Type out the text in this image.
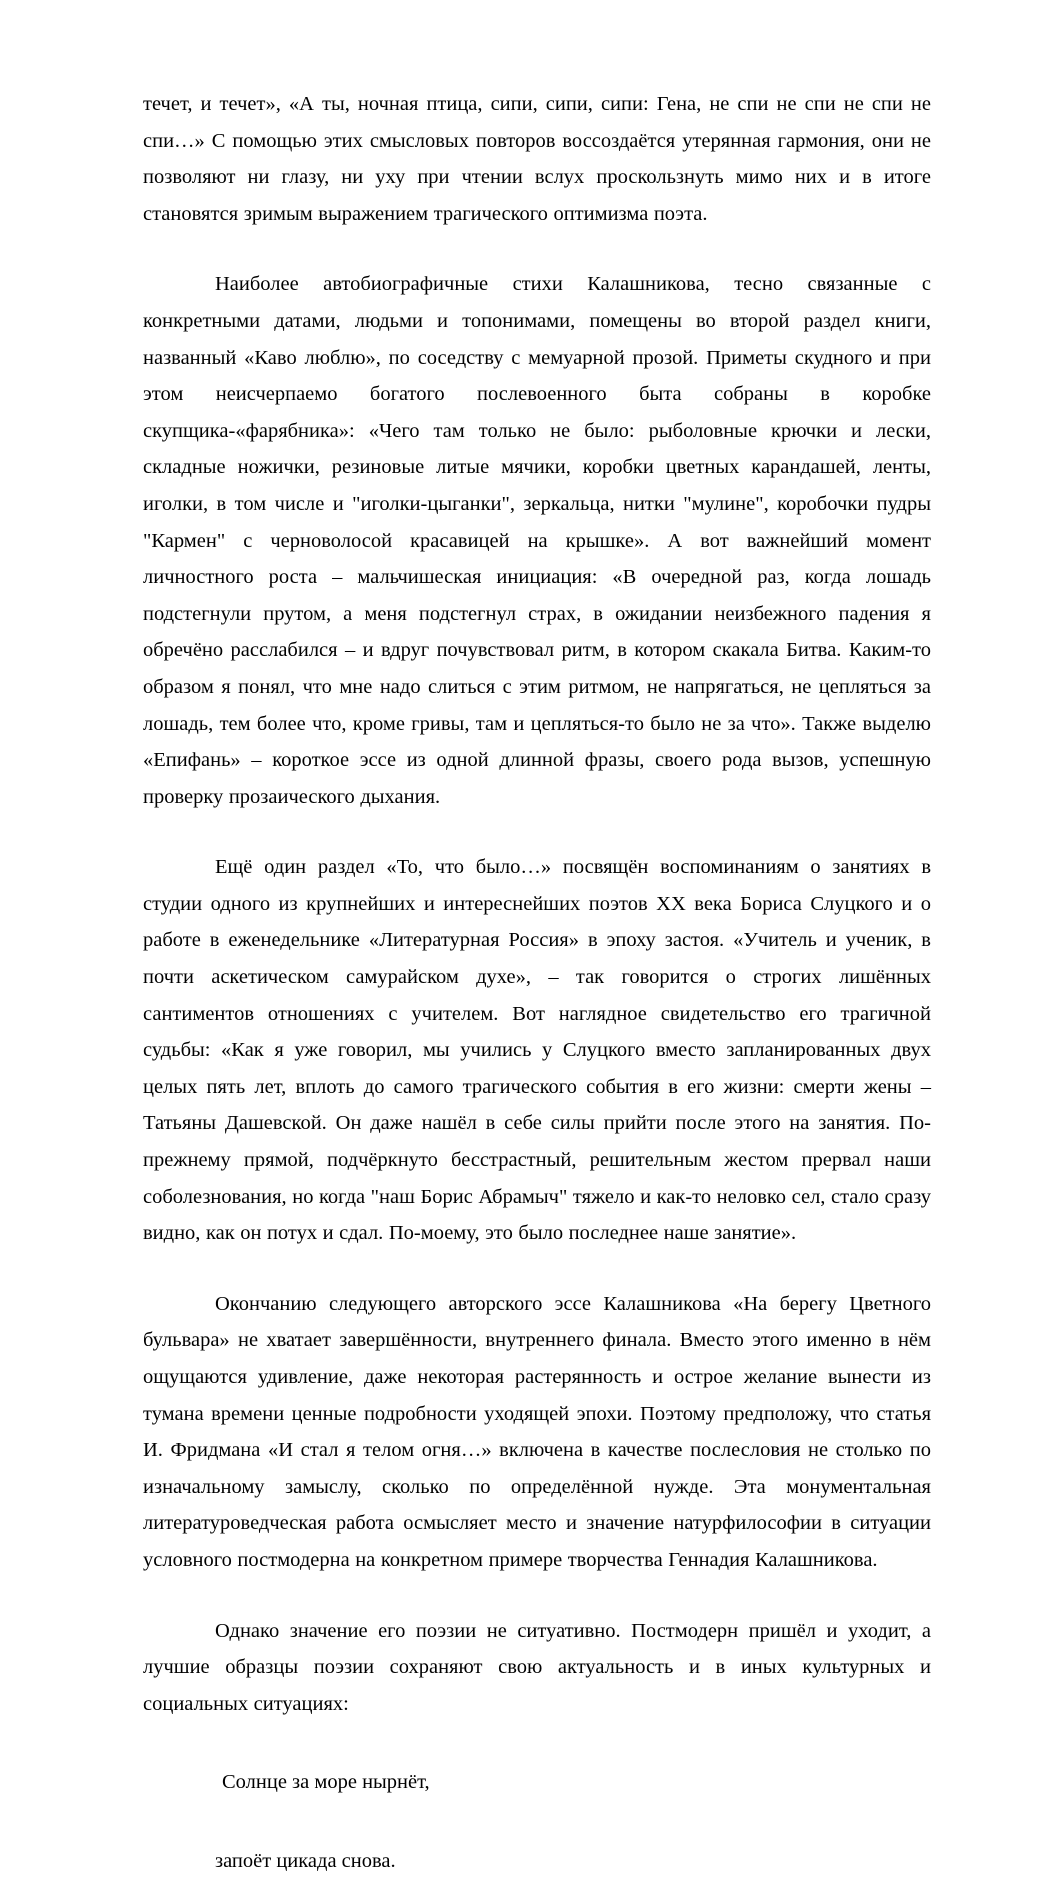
течет, и течет», «А ты, ночная птица, сипи, сипи, сипи: Гена, не спи не спи не спи не спи…» С помощью этих смысловых повторов воссоздаётся утерянная гармония, они не позволяют ни глазу, ни уху при чтении вслух проскользнуть мимо них и в итоге становятся зримым выражением трагического оптимизма поэта.

Наиболее автобиографичные стихи Калашникова, тесно связанные с конкретными датами, людьми и топонимами, помещены во второй раздел книги, названный «Каво люблю», по соседству с мемуарной прозой. Приметы скудного и при этом неисчерпаемо богатого послевоенного быта собраны в коробке скупщика-«фарябника»: «Чего там только не было: рыболовные крючки и лески, складные ножички, резиновые литые мячики, коробки цветных карандашей, ленты, иголки, в том числе и "иголки-цыганки", зеркальца, нитки "мулине", коробочки пудры "Кармен" с черноволосой красавицей на крышке». А вот важнейший момент личностного роста – мальчишеская инициация: «В очередной раз, когда лошадь подстегнули прутом, а меня подстегнул страх, в ожидании неизбежного падения я обречёно расслабился – и вдруг почувствовал ритм, в котором скакала Битва. Каким-то образом я понял, что мне надо слиться с этим ритмом, не напрягаться, не цепляться за лошадь, тем более что, кроме гривы, там и цепляться-то было не за что». Также выделю «Епифань» – короткое эссе из одной длинной фразы, своего рода вызов, успешную проверку прозаического дыхания.

Ещё один раздел «То, что было…» посвящён воспоминаниям о занятиях в студии одного из крупнейших и интереснейших поэтов XX века Бориса Слуцкого и о работе в еженедельнике «Литературная Россия» в эпоху застоя. «Учитель и ученик, в почти аскетическом самурайском духе», – так говорится о строгих лишённых сантиментов отношениях с учителем. Вот наглядное свидетельство его трагичной судьбы: «Как я уже говорил, мы учились у Слуцкого вместо запланированных двух целых пять лет, вплоть до самого трагического события в его жизни: смерти жены – Татьяны Дашевской. Он даже нашёл в себе силы прийти после этого на занятия. По-прежнему прямой, подчёркнуто бесстрастный, решительным жестом прервал наши соболезнования, но когда "наш Борис Абрамыч" тяжело и как-то неловко сел, стало сразу видно, как он потух и сдал. По-моему, это было последнее наше занятие».

Окончанию следующего авторского эссе Калашникова «На берегу Цветного бульвара» не хватает завершённости, внутреннего финала. Вместо этого именно в нём ощущаются удивление, даже некоторая растерянность и острое желание вынести из тумана времени ценные подробности уходящей эпохи. Поэтому предположу, что статья И. Фридмана «И стал я телом огня…» включена в качестве послесловия не столько по изначальному замыслу, сколько по определённой нужде. Эта монументальная литературоведческая работа осмысляет место и значение натурфилософии в ситуации условного постмодерна на конкретном примере творчества Геннадия Калашникова.

Однако значение его поэзии не ситуативно. Постмодерн пришёл и уходит, а лучшие образцы поэзии сохраняют свою актуальность и в иных культурных и социальных ситуациях:

Солнце за море нырнёт,

запоёт цикада снова.
